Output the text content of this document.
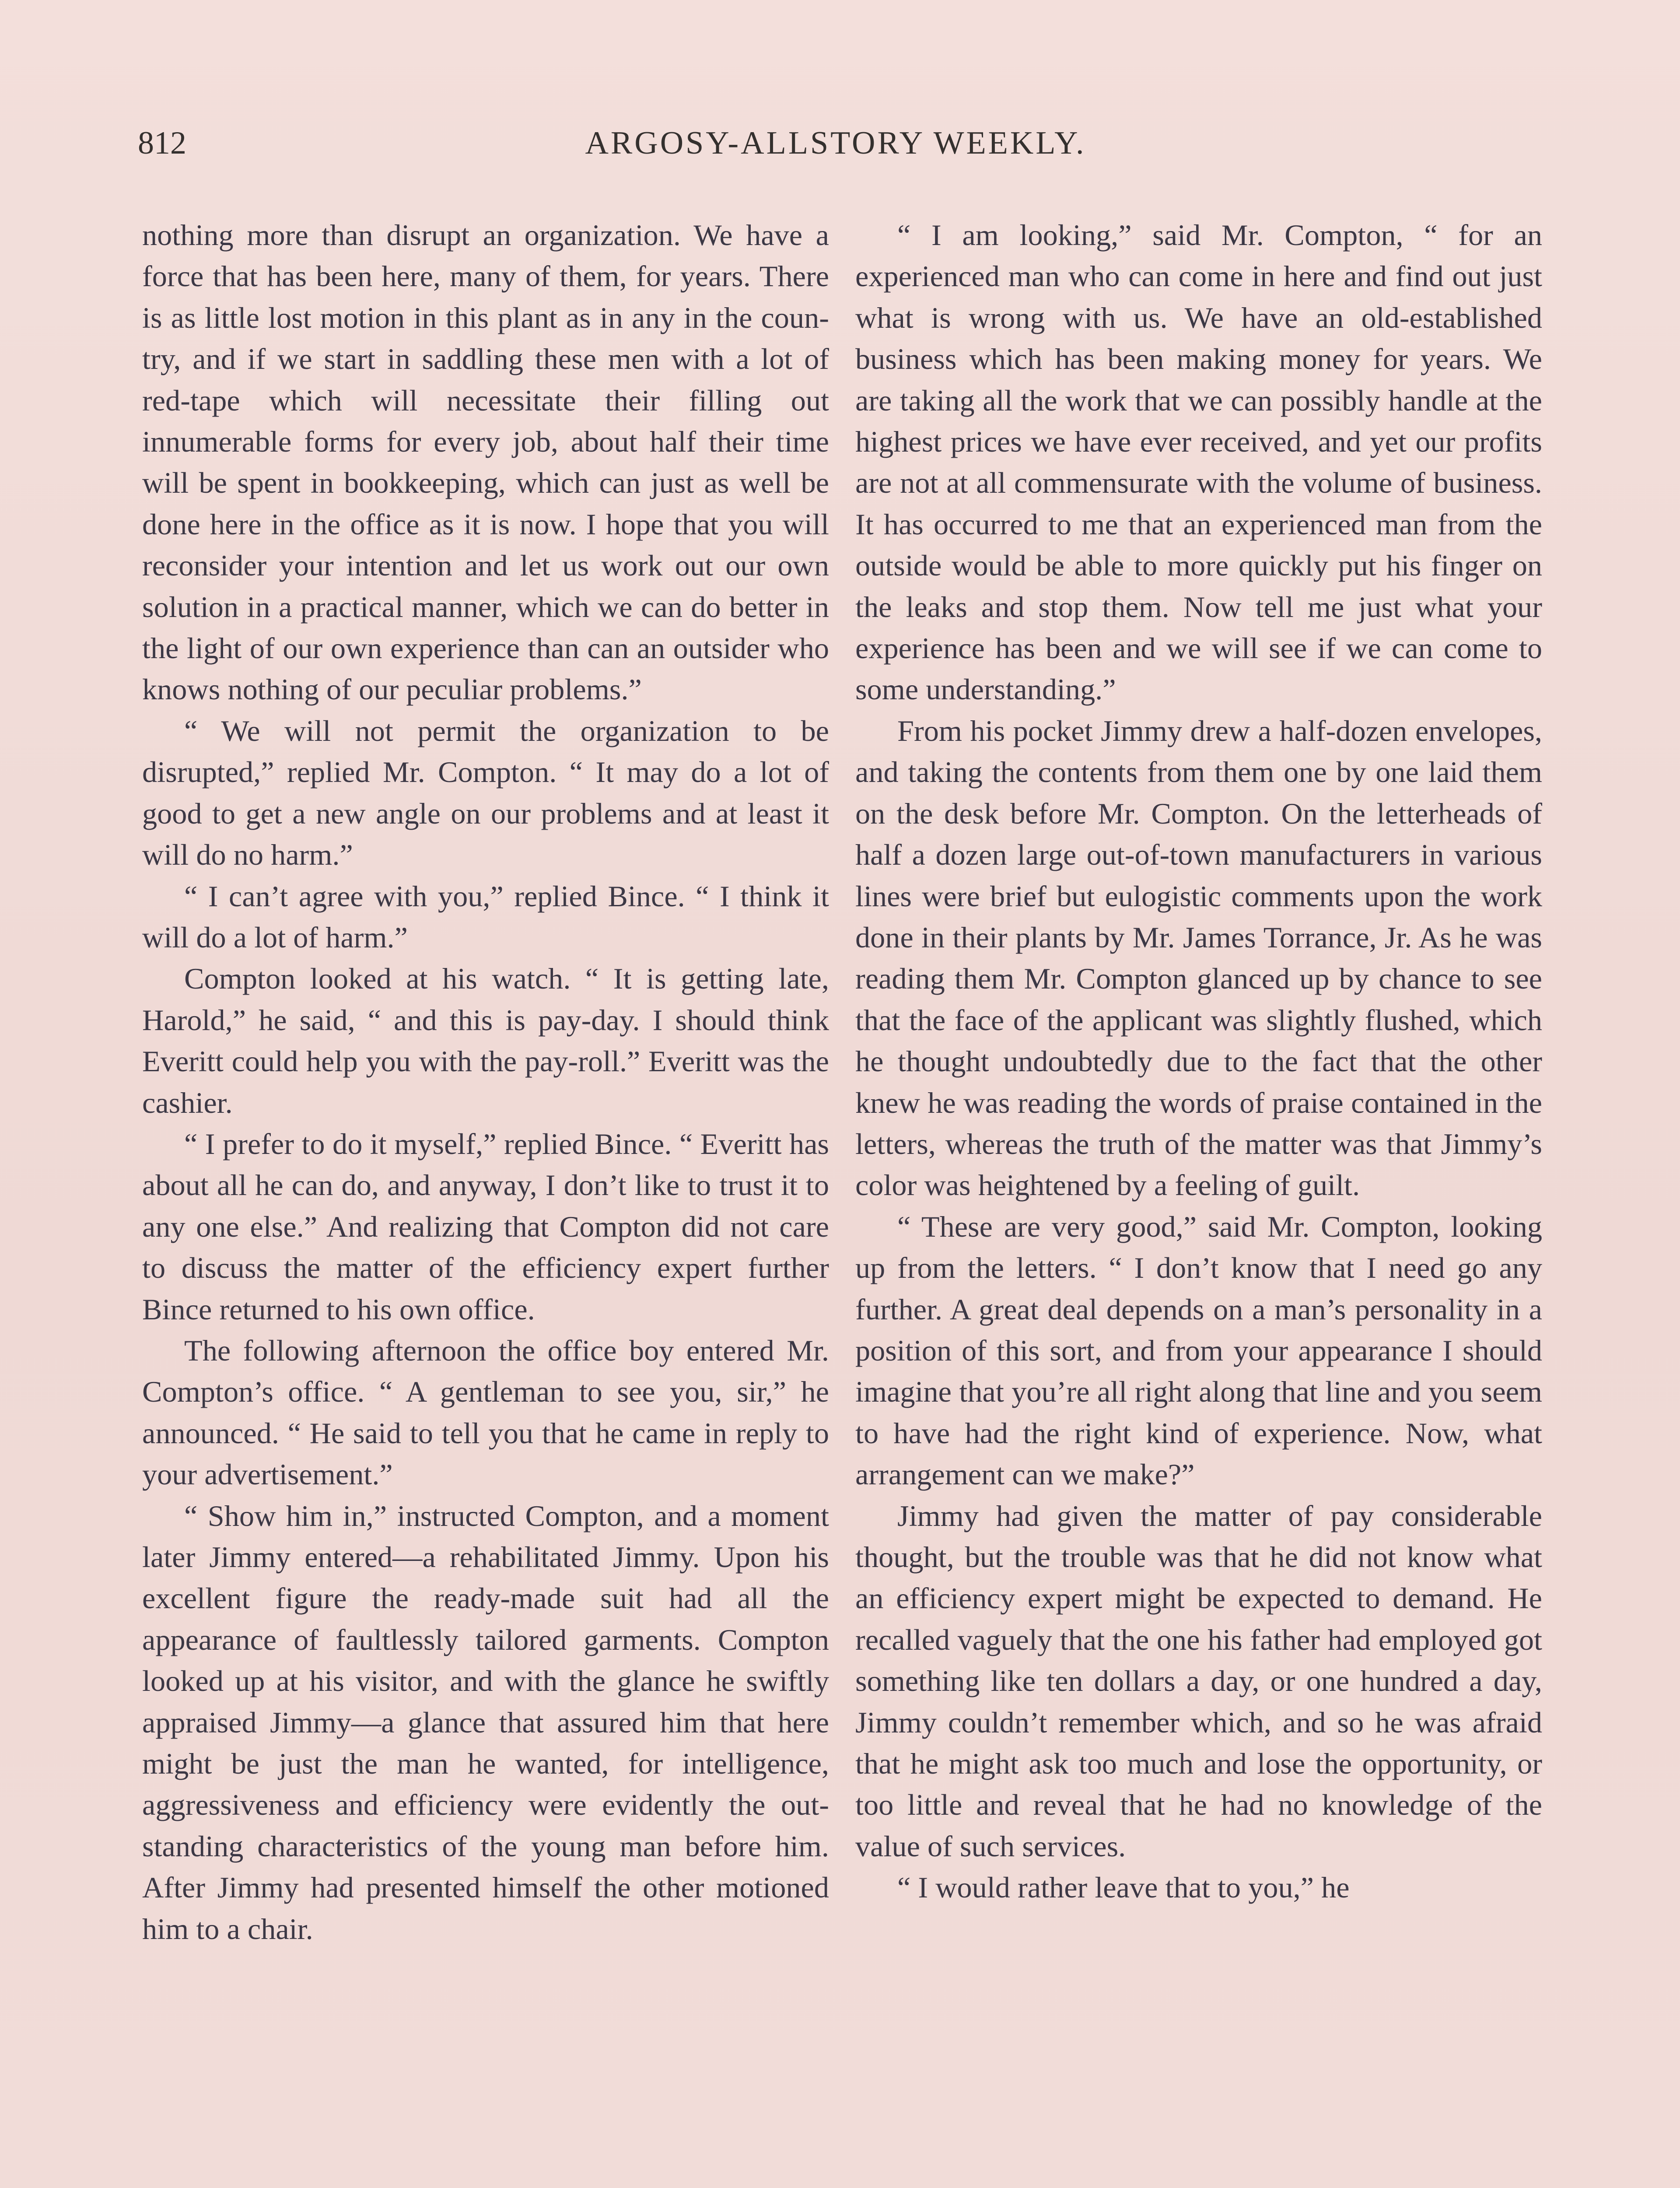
812	ARGOSY-ALLSTORY WEEKLY.

nothing more than disrupt an organization. We have a force that has been here, many of them, for years. There is as little lost motion in this plant as in any in the country, and if we start in saddling these men with a lot of red-tape which will necessitate their filling out innumerable forms for every job, about half their time will be spent in bookkeeping, which can just as well be done here in the office as it is now. I hope that you will reconsider your intention and let us work out our own solution in a practical manner, which we can do better in the light of our own experience than can an outsider who knows nothing of our peculiar problems.”

“ We will not permit the organization to be disrupted,” replied Mr. Compton. “ It may do a lot of good to get a new angle on our problems and at least it will do no harm.”

“ I can’t agree with you,” replied Bince. “ I think it will do a lot of harm.”

Compton looked at his watch. “ It is getting late, Harold,” he said, “ and this is pay-day. I should think Everitt could help you with the pay-roll.” Everitt was the cashier.

“ I prefer to do it myself,” replied Bince. “ Everitt has about all he can do, and anyway, I don’t like to trust it to any one else.” And realizing that Compton did not care to discuss the matter of the efficiency expert further Bince returned to his own office.

The following afternoon the office boy entered Mr. Compton’s office. “ A gentleman to see you, sir,” he announced. “ He said to tell you that he came in reply to your advertisement.”

“ Show him in,” instructed Compton, and a moment later Jimmy entered—a rehabilitated Jimmy. Upon his excellent figure the ready-made suit had all the appearance of faultlessly tailored garments. Compton looked up at his visitor, and with the glance he swiftly appraised Jimmy—a glance that assured him that here might be just the man he wanted, for intelligence, aggressiveness and efficiency were evidently the outstanding characteristics of the young man before him. After Jimmy had presented himself the other motioned him to a chair.

“ I am looking,” said Mr. Compton, “ for an experienced man who can come in here and find out just what is wrong with us. We have an old-established business which has been making money for years. We are taking all the work that we can possibly handle at the highest prices we have ever received, and yet our profits are not at all commensurate with the volume of business. It has occurred to me that an experienced man from the outside would be able to more quickly put his finger on the leaks and stop them. Now tell me just what your experience has been and we will see if we can come to some understanding.”

From his pocket Jimmy drew a half-dozen envelopes, and taking the contents from them one by one laid them on the desk before Mr. Compton. On the letterheads of half a dozen large out-of-town manufacturers in various lines were brief but eulogistic comments upon the work done in their plants by Mr. James Torrance, Jr. As he was reading them Mr. Compton glanced up by chance to see that the face of the applicant was slightly flushed, which he thought undoubtedly due to the fact that the other knew he was reading the words of praise contained in the letters, whereas the truth of the matter was that Jimmy’s color was heightened by a feeling of guilt.

“ These are very good,” said Mr. Compton, looking up from the letters. “ I don’t know that I need go any further. A great deal depends on a man’s personality in a position of this sort, and from your appearance I should imagine that you’re all right along that line and you seem to have had the right kind of experience. Now, what arrangement can we make?”

Jimmy had given the matter of pay considerable thought, but the trouble was that he did not know what an efficiency expert might be expected to demand. He recalled vaguely that the one his father had employed got something like ten dollars a day, or one hundred a day, Jimmy couldn’t remember which, and so he was afraid that he might ask too much and lose the opportunity, or too little and reveal that he had no knowledge of the value of such services.

“ I would rather leave that to you,” he
